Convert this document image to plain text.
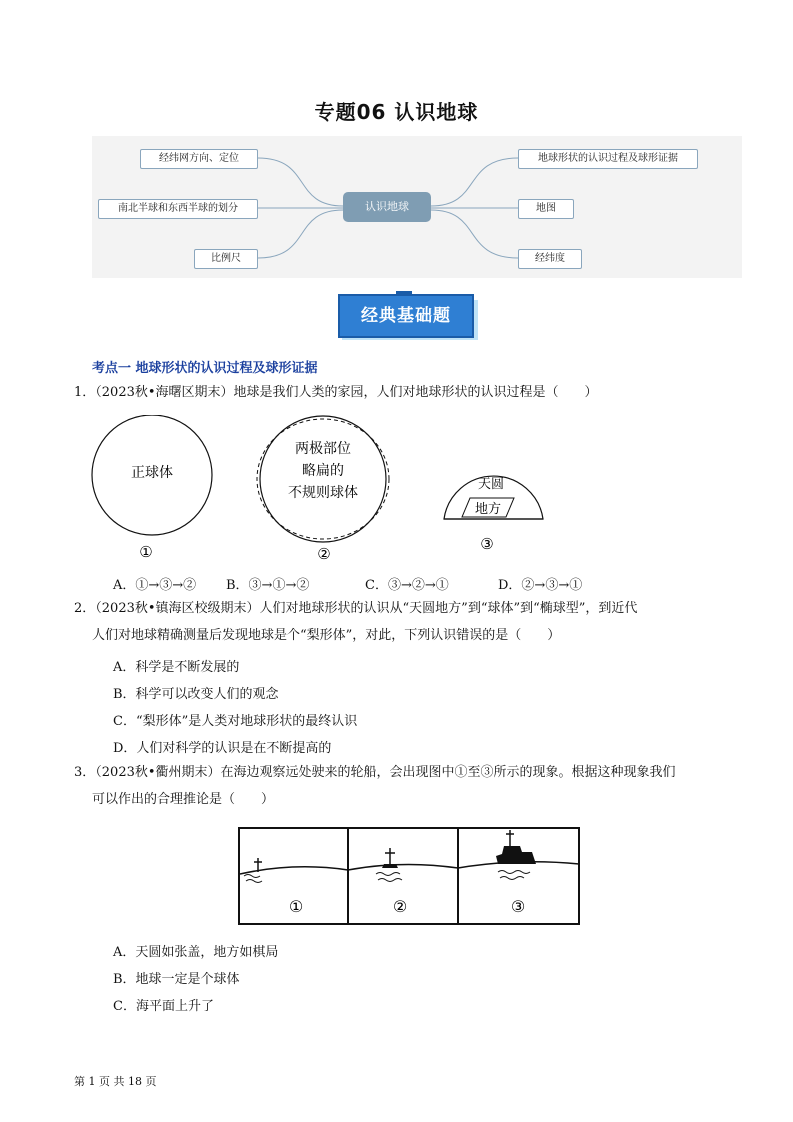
专题06 认识地球
经纬网方向、定位
南北半球和东西半球的划分
比例尺
认识地球
地球形状的认识过程及球形证据
地图
经纬度
经典基础题
考点一 地球形状的认识过程及球形证据
1．（2023秋•海曙区期末）地球是我们人类的家园，人们对地球形状的认识过程是（　　）
正球体
①
两极部位
略扁的
不规则球体
②
天圆
地方
③
A．①→③→② B．③→①→②	C．③→②→①	D．②→③→①
2．（2023秋•镇海区校级期末）人们对地球形状的认识从“天圆地方”到“球体”到“椭球型”，到近代
人们对地球精确测量后发现地球是个“梨形体”，对此，下列认识错误的是（　　）
A．科学是不断发展的
B．科学可以改变人们的观念
C．“梨形体”是人类对地球形状的最终认识
D．人们对科学的认识是在不断提高的
3．（2023秋•衢州期末）在海边观察远处驶来的轮船，会出现图中①至③所示的现象。根据这种现象我们
可以作出的合理推论是（　　）
①	②	③
A．天圆如张盖，地方如棋局
B．地球一定是个球体
C．海平面上升了
第 1 页 共 18 页
